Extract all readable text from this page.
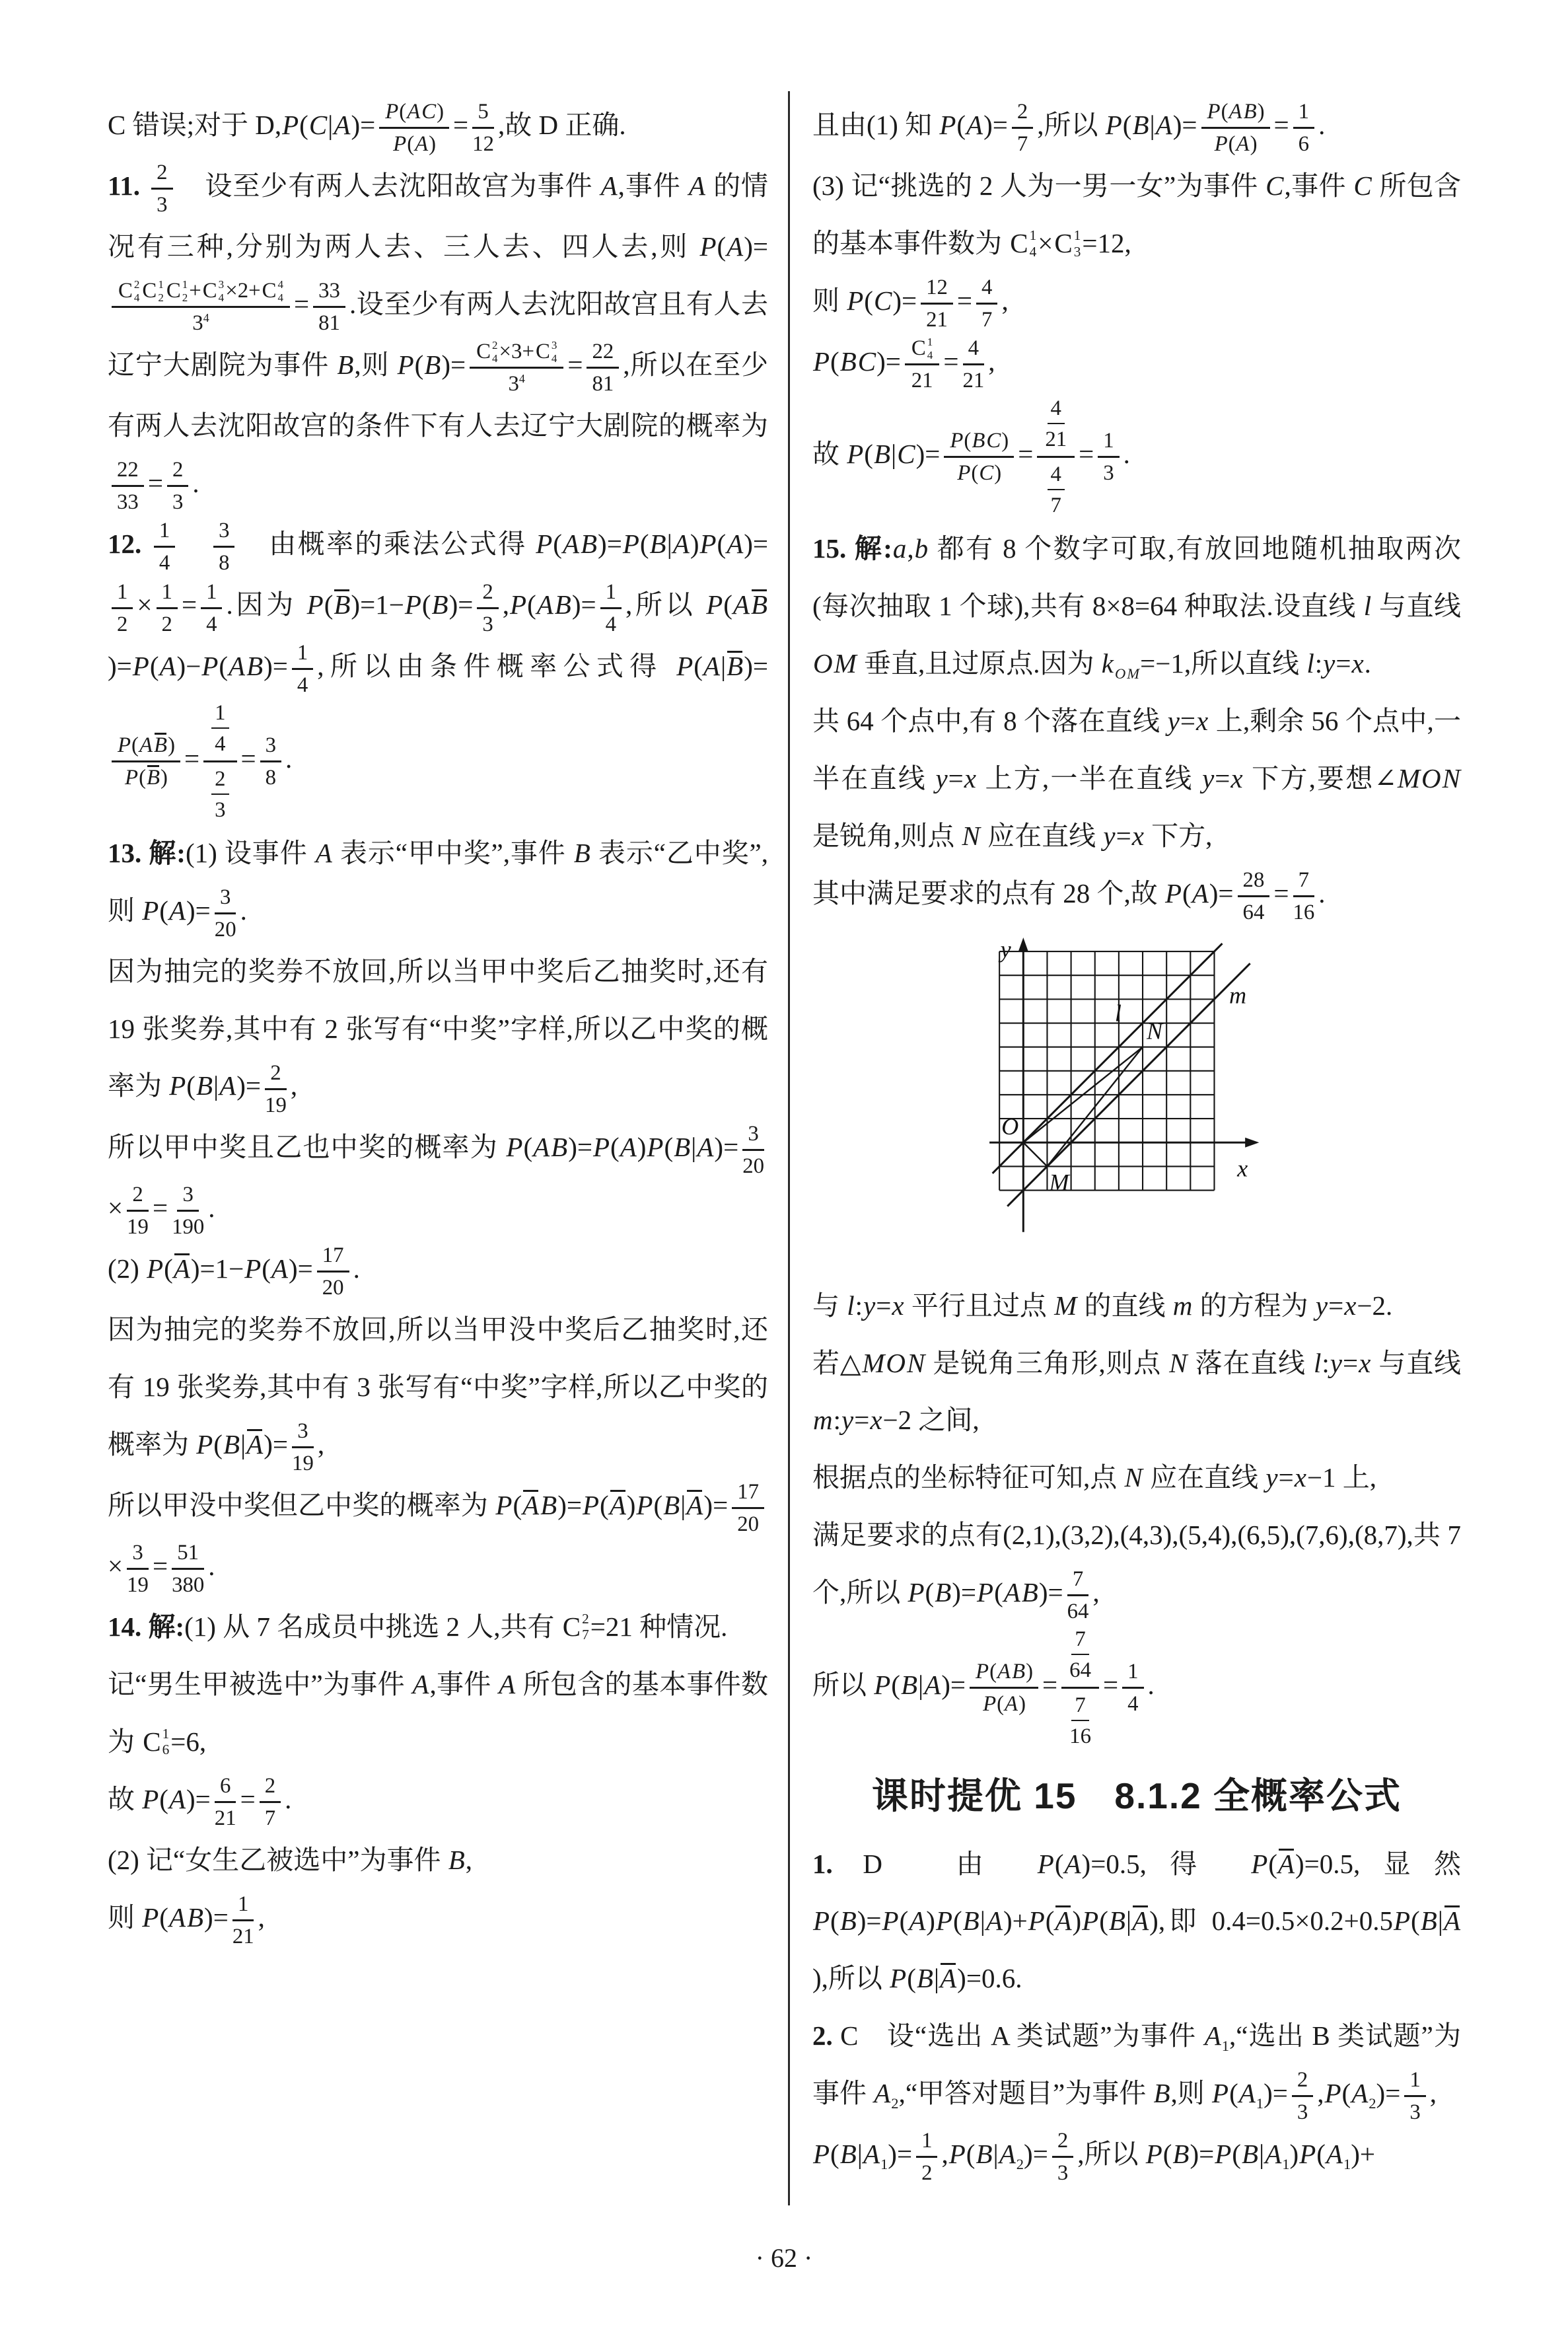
C 错误;对于 $D,P(C|A)= \frac{P(AC)}{P(A)} = \frac{5}{12}$ ,故 D 正确.

11. $\frac{2}{3}$ 　设至少有两人去沈阳故宫为事件 A,事件 A 的情况有三种,分别为两人去、三人去、四人去,则 P(A)=
C 2
4 C 1
2 C 1
2 + C 3
4 ×2+ C 4
4
$3^4 = \frac{33}{81}$ .设至少有两人去沈阳故宫且有人去辽宁大剧院为事件 B,则 P(B)= C 2
4 ×3+ C 3
4
$3^4 = \frac{22}{81}$ ,所以在至少有两人去沈阳故宫的条件下有人去辽宁大剧院的概率为
$\frac{22}{33} = \frac{2}{3}$ .

12. $\frac{1}{4}$
　 $\frac{3}{8}$ 　由概率的乘法公式得 P(AB)=P(B|A)P(A)=
$\frac{1}{2} \times \frac{1}{2} = \frac{1}{4}$ .因为 $P(B)=1-P(B)= \frac{2}{3} ,P(AB)= \frac{1}{4}$ ,所以 $P(AB)=P(A)-P(AB)= \frac{1}{4}$ ,所以由条件概率公式得 P(A|B)=
$\frac{P(AB)}{P(B)} = \frac{\frac{1}{4}}{\frac{2}{3}} = \frac{3}{8}$ .

13. 解:(1) 设事件 A 表示“甲中奖”,事件 B 表示“乙中奖”,则 $P(A)= \frac{3}{20}$ .

因为抽完的奖券不放回,所以当甲中奖后乙抽奖时,还有 19 张奖券,其中有 2 张写有“中奖”字样,所以乙中奖的概率为 $P(B|A)= \frac{2}{19}$ ,

所以甲中奖且乙也中奖的概率为 $P(AB)=P(A)P(B|A)= \frac{3}{20}$
× $\frac{2}{19} = \frac{3}{190}$ .

(2) $P(A)=1-P(A)= \frac{17}{20}$ .

因为抽完的奖券不放回,所以当甲没中奖后乙抽奖时,还有 19 张奖券,其中有 3 张写有“中奖”字样,所以乙中奖的概率为 $P(B|A)= \frac{3}{19}$ ,

所以甲没中奖但乙中奖的概率为 $P(AB)=P(A)P(B|A)= \frac{17}{20}$
× $\frac{3}{19} = \frac{51}{380}$ .

14. 解:(1) 从 7 名成员中挑选 2 人,共有 C 2
7 =21 种情况.

记“男生甲被选中”为事件 A,事件 A 所包含的基本事件数为 C 1
6 =6,

故 $P(A)= \frac{6}{21} = \frac{2}{7}$ .

(2) 记“女生乙被选中”为事件 B,

则 $P(AB)= \frac{1}{21}$ ,

且由(1) 知 $P(A)= \frac{2}{7}$ ,所以 $P(B|A)= \frac{P(AB)}{P(A)} = \frac{1}{6}$ .

(3) 记“挑选的 2 人为一男一女”为事件 C,事件 C 所包含的基本事件数为 C 1
4 × C 1
3 =12,

则 $P(C)= \frac{12}{21} = \frac{4}{7}$ ,

P(BC)= C 1
4
$21 = \frac{4}{21}$ ,

故 $P(B|C)= \frac{P(BC)}{P(C)} = \frac{\frac{4}{21}}{\frac{4}{7}} = \frac{1}{3}$ .

15. 解:a,b 都有 8 个数字可取,有放回地随机抽取两次(每次抽取 1 个球),共有 8×8=64 种取法.设直线 l 与直线 OM 垂直,且过原点.因为 $k_{OM}=-1$,所以直线 l:y=x.

共 64 个点中,有 8 个落在直线 y=x 上,剩余 56 个点中,一半在直线 y=x 上方,一半在直线 y=x 下方,要想∠MON 是锐角,则点 N 应在直线 y=x 下方,

其中满足要求的点有 28 个,故 $P(A)= \frac{28}{64} = \frac{7}{16}$ .

y
x
O
M
N
l
m

与 l:y=x 平行且过点 M 的直线 m 的方程为 y=x−2.

若△MON 是锐角三角形,则点 N 落在直线 l:y=x 与直线 m:y=x−2 之间,

根据点的坐标特征可知,点 N 应在直线 y=x−1 上,

满足要求的点有(2,1),(3,2),(4,3),(5,4),(6,5),(7,6),(8,7),共 7 个,所以 $P(B)=P(AB)= \frac{7}{64}$ ,

所以 $P(B|A)= \frac{P(AB)}{P(A)} = \frac{\frac{7}{64}}{\frac{7}{16}} = \frac{1}{4}$ .

课时提优 15　8.1.2 全概率公式

1. D　由 P(A)=0.5,得 P(A)=0.5,显然 P(B)=P(A)P(B|A)+P(A)P(B|A),即 0.4=0.5×0.2+0.5P(B|A),所以 P(B|A)=0.6.

2. C　设“选出 A 类试题”为事件 $A_1,“$选出 B 类试题”为事件 $A_2,“$甲答对题目”为事件 B,则 $P(A_1)= \frac{2}{3} ,P(A_2)= \frac{1}{3}$ ,

$P(B|A_1)= \frac{1}{2} ,P(B|A_2)= \frac{2}{3}$ ,所以 $P(B)=P(B|A_1)P(A_1)+$

· 62 ·
